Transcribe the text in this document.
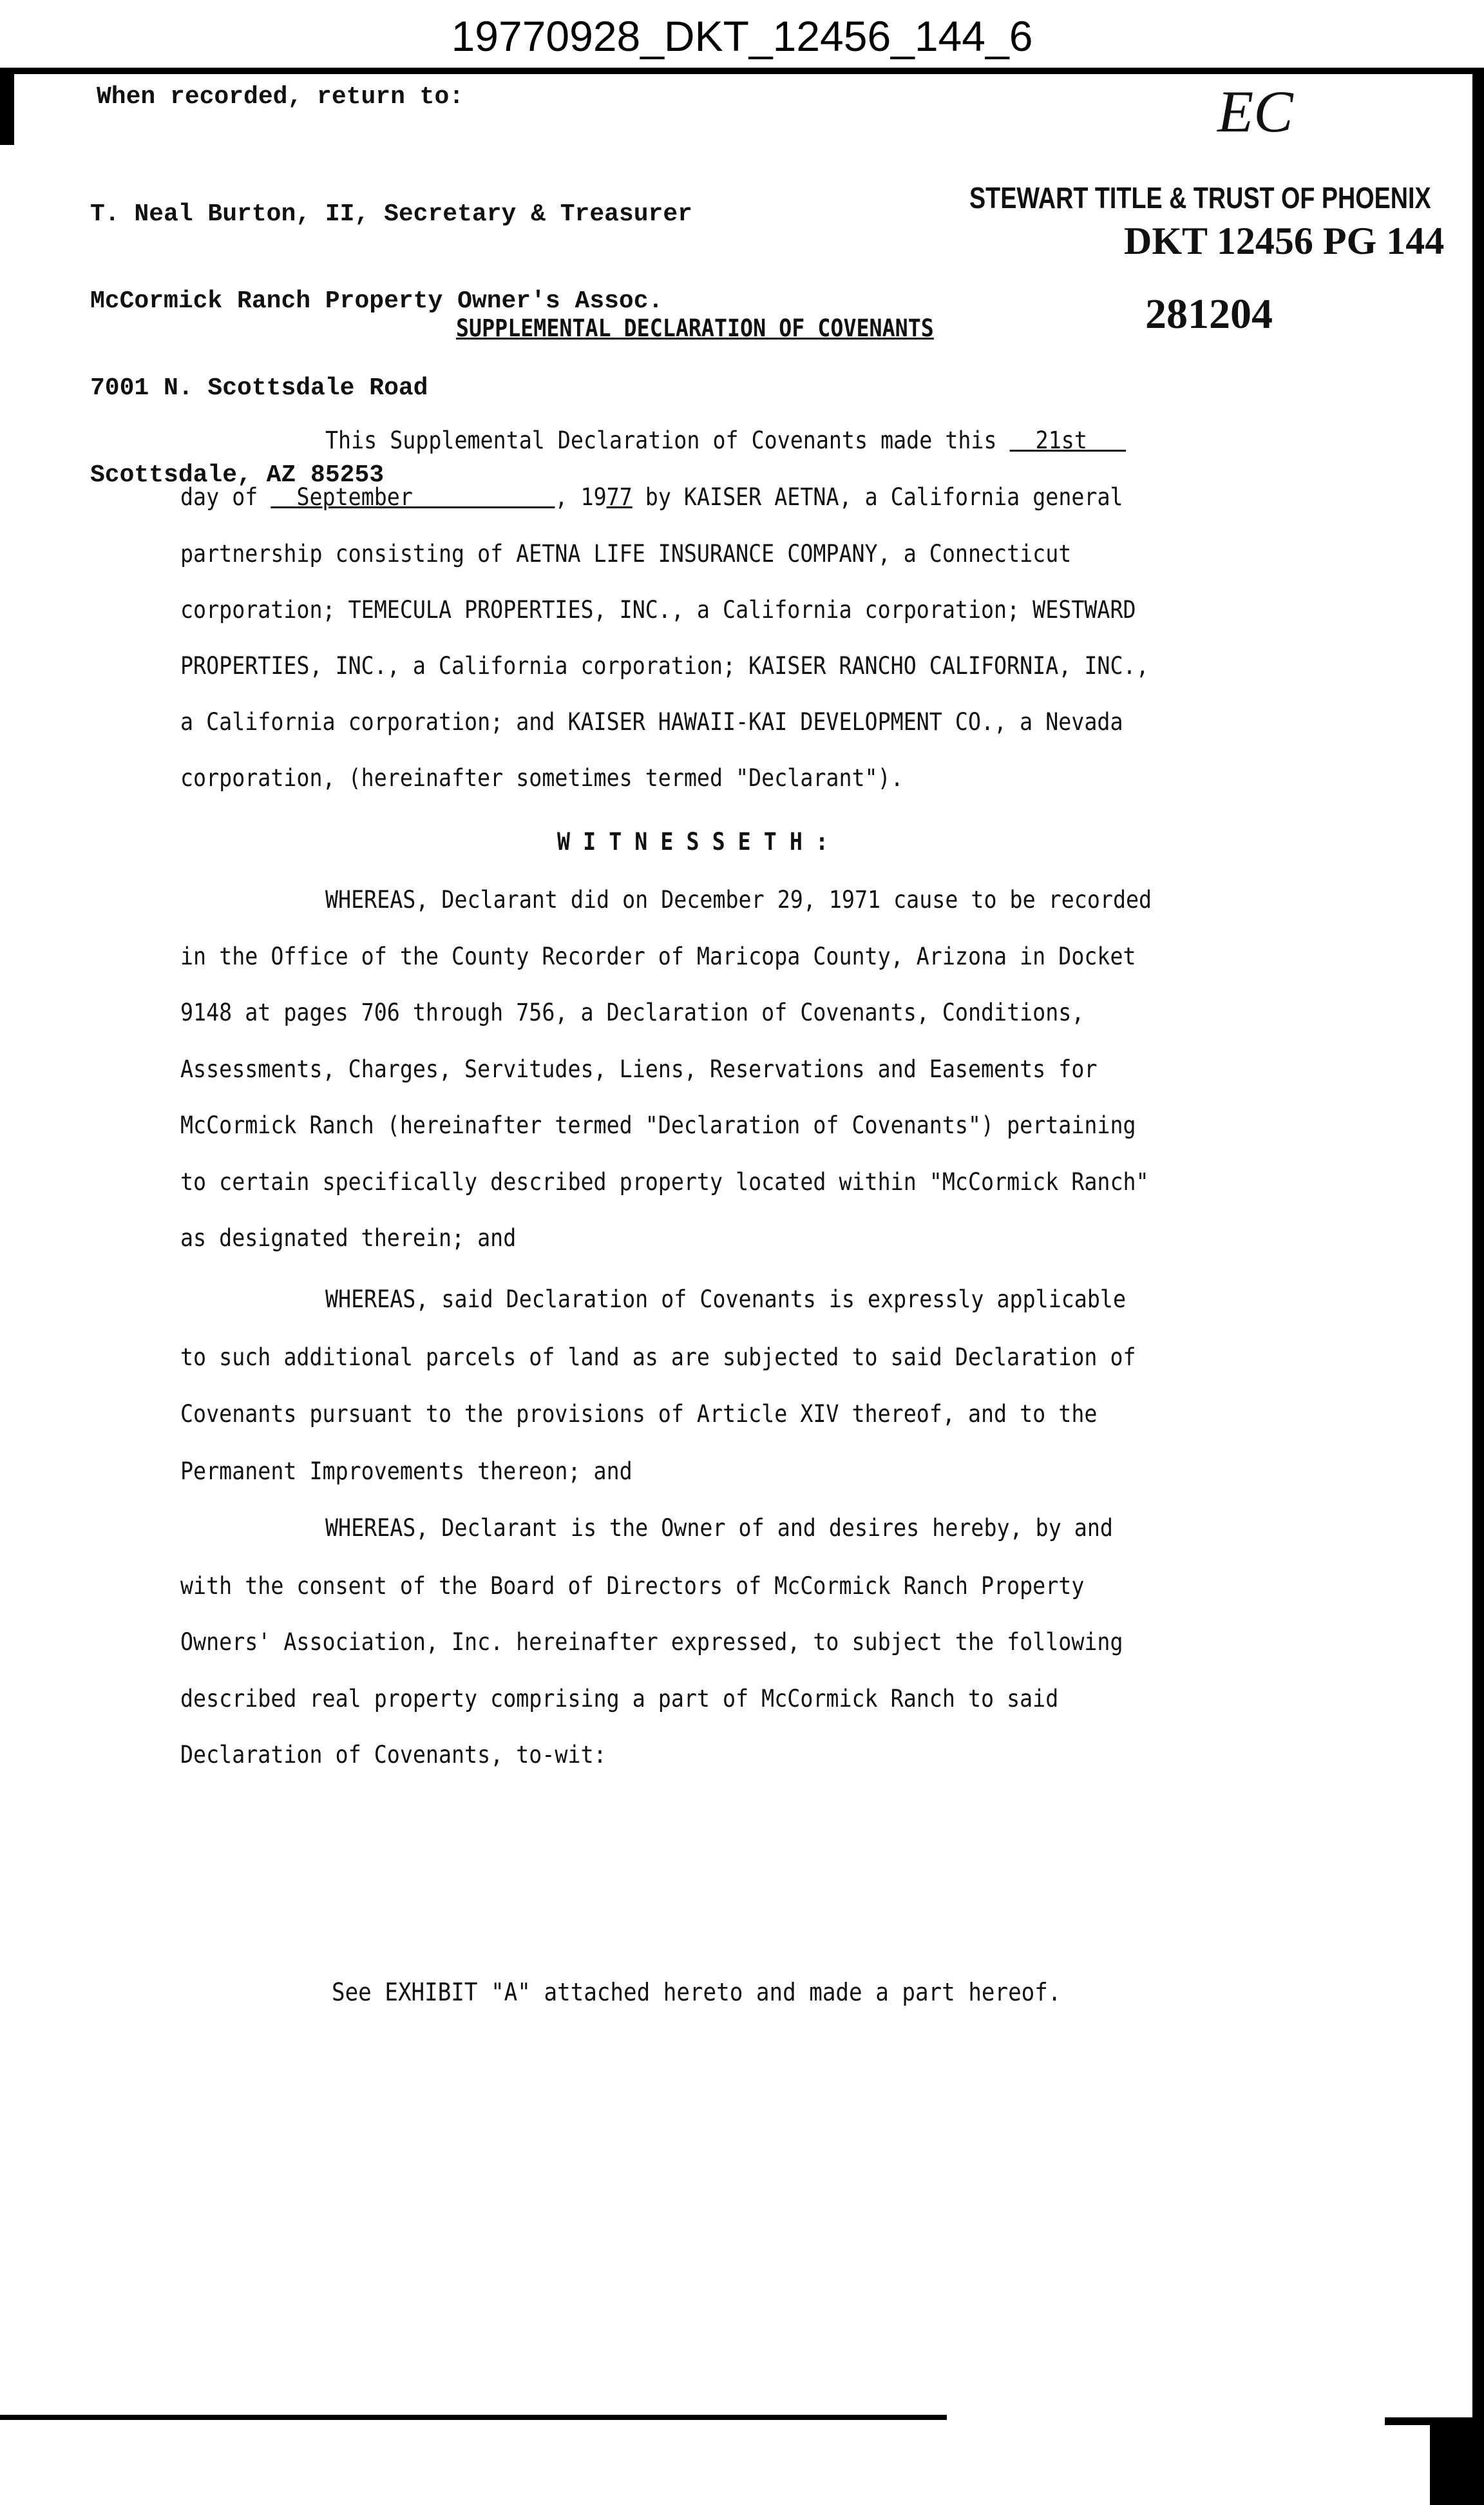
19770928_DKT_12456_144_6
When recorded, return to:

T. Neal Burton, II, Secretary & Treasurer

McCormick Ranch Property Owner's Assoc.

7001 N. Scottsdale Road

Scottsdale, AZ 85253

EC
STEWART TITLE & TRUST OF PHOENIX
DKT 12456 PG 144
281204
SUPPLEMENTAL DECLARATION OF COVENANTS
This Supplemental Declaration of Covenants made this   21st
day of   September	, 1977 by KAISER AETNA, a California general
partnership consisting of AETNA LIFE INSURANCE COMPANY, a Connecticut
corporation; TEMECULA PROPERTIES, INC., a California corporation; WESTWARD
PROPERTIES, INC., a California corporation; KAISER RANCHO CALIFORNIA, INC.,
a California corporation; and KAISER HAWAII-KAI DEVELOPMENT CO., a Nevada
corporation, (hereinafter sometimes termed "Declarant").
W I T N E S S E T H :
WHEREAS, Declarant did on December 29, 1971 cause to be recorded
in the Office of the County Recorder of Maricopa County, Arizona in Docket
9148 at pages 706 through 756, a Declaration of Covenants, Conditions,
Assessments, Charges, Servitudes, Liens, Reservations and Easements for
McCormick Ranch (hereinafter termed "Declaration of Covenants") pertaining
to certain specifically described property located within "McCormick Ranch"
as designated therein; and
WHEREAS, said Declaration of Covenants is expressly applicable
to such additional parcels of land as are subjected to said Declaration of
Covenants pursuant to the provisions of Article XIV thereof, and to the
Permanent Improvements thereon; and
WHEREAS, Declarant is the Owner of and desires hereby, by and
with the consent of the Board of Directors of McCormick Ranch Property
Owners' Association, Inc. hereinafter expressed, to subject the following
described real property comprising a part of McCormick Ranch to said
Declaration of Covenants, to-wit:
See EXHIBIT "A" attached hereto and made a part hereof.
